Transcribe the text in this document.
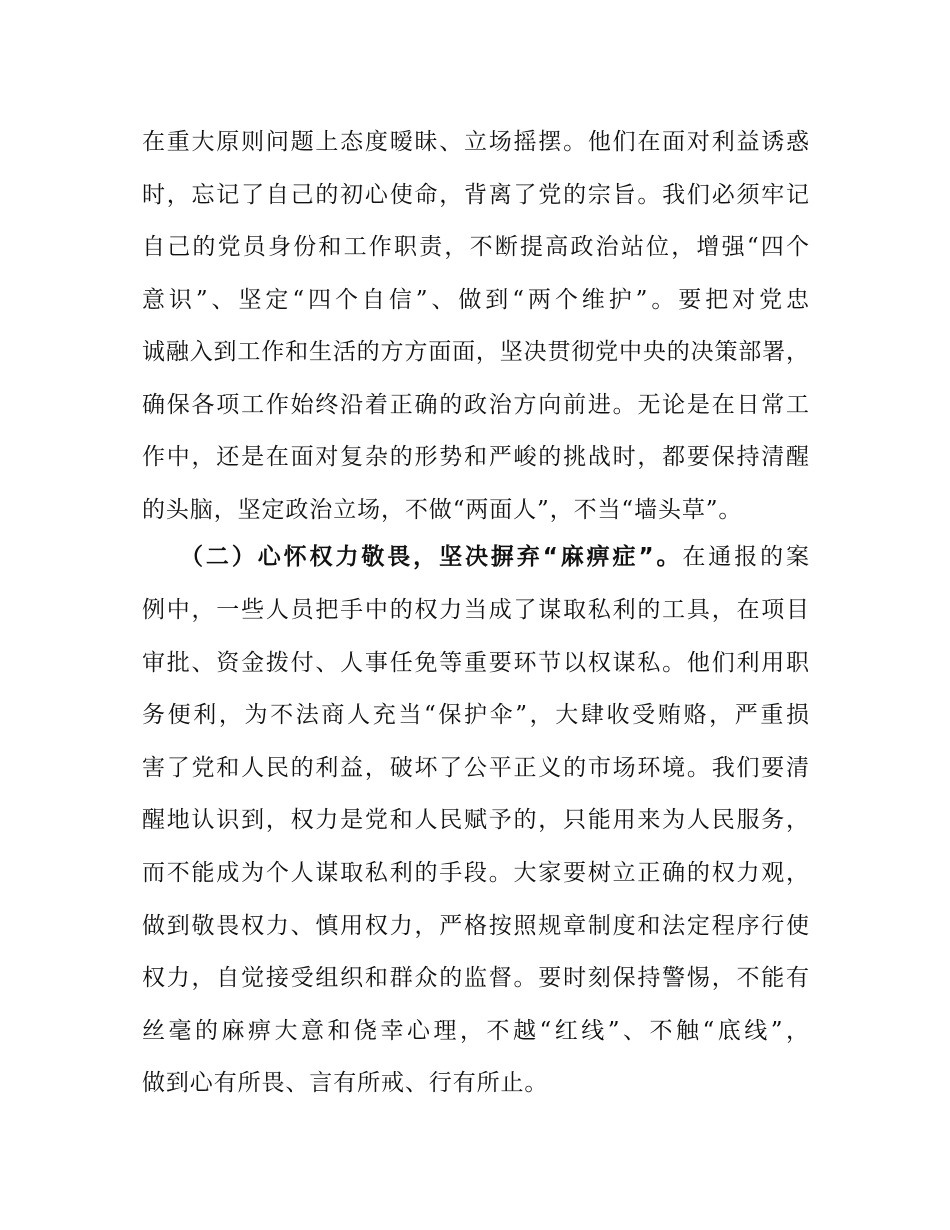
在重大原则问题上态度暧昧、立场摇摆。他们在面对利益诱惑
时，忘记了自己的初心使命，背离了党的宗旨。我们必须牢记
自己的党员身份和工作职责，不断提高政治站位，增强“四个
意识”、坚定“四个自信”、做到“两个维护”。要把对党忠
诚融入到工作和生活的方方面面，坚决贯彻党中央的决策部署，
确保各项工作始终沿着正确的政治方向前进。无论是在日常工
作中，还是在面对复杂的形势和严峻的挑战时，都要保持清醒
的头脑，坚定政治立场，不做“两面人”，不当“墙头草”。
（二）心怀权力敬畏，坚决摒弃“麻痹症”。在通报的案
例中，一些人员把手中的权力当成了谋取私利的工具，在项目
审批、资金拨付、人事任免等重要环节以权谋私。他们利用职
务便利，为不法商人充当“保护伞”，大肆收受贿赂，严重损
害了党和人民的利益，破坏了公平正义的市场环境。我们要清
醒地认识到，权力是党和人民赋予的，只能用来为人民服务，
而不能成为个人谋取私利的手段。大家要树立正确的权力观，
做到敬畏权力、慎用权力，严格按照规章制度和法定程序行使
权力，自觉接受组织和群众的监督。要时刻保持警惕，不能有
丝毫的麻痹大意和侥幸心理，不越“红线”、不触“底线”，
做到心有所畏、言有所戒、行有所止。
